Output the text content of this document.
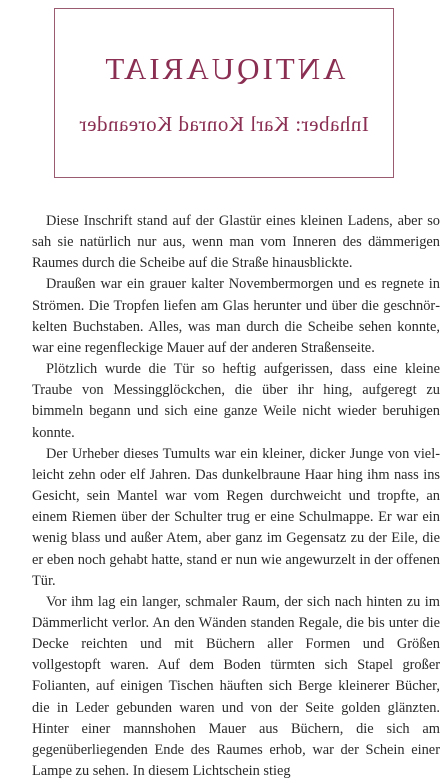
ANTIQUARIAT
Inhaber: Karl Konrad Koreander

Diese Inschrift stand auf der Glastür eines kleinen Ladens, aber so sah sie natürlich nur aus, wenn man vom Inneren des dämmerigen Raumes durch die Scheibe auf die Straße hinausblickte.

Draußen war ein grauer kalter Novembermorgen und es regnete in Strömen. Die Tropfen liefen am Glas herunter und über die geschnörkelten Buchstaben. Alles, was man durch die Scheibe sehen konnte, war eine regenfleckige Mauer auf der anderen Straßenseite.

Plötzlich wurde die Tür so heftig aufgerissen, dass eine kleine Traube von Messingglöckchen, die über ihr hing, aufgeregt zu bimmeln begann und sich eine ganze Weile nicht wieder beruhigen konnte.

Der Urheber dieses Tumults war ein kleiner, dicker Junge von vielleicht zehn oder elf Jahren. Das dunkelbraune Haar hing ihm nass ins Gesicht, sein Mantel war vom Regen durchweicht und tropfte, an einem Riemen über der Schulter trug er eine Schulmappe. Er war ein wenig blass und außer Atem, aber ganz im Gegensatz zu der Eile, die er eben noch gehabt hatte, stand er nun wie angewurzelt in der offenen Tür.

Vor ihm lag ein langer, schmaler Raum, der sich nach hinten zu im Dämmerlicht verlor. An den Wänden standen Regale, die bis unter die Decke reichten und mit Büchern aller Formen und Größen vollgestopft waren. Auf dem Boden türmten sich Stapel großer Folianten, auf einigen Tischen häuften sich Berge kleinerer Bücher, die in Leder gebunden waren und von der Seite golden glänzten. Hinter einer mannshohen Mauer aus Büchern, die sich am gegenüberliegenden Ende des Raumes erhob, war der Schein einer Lampe zu sehen. In diesem Lichtschein stieg
